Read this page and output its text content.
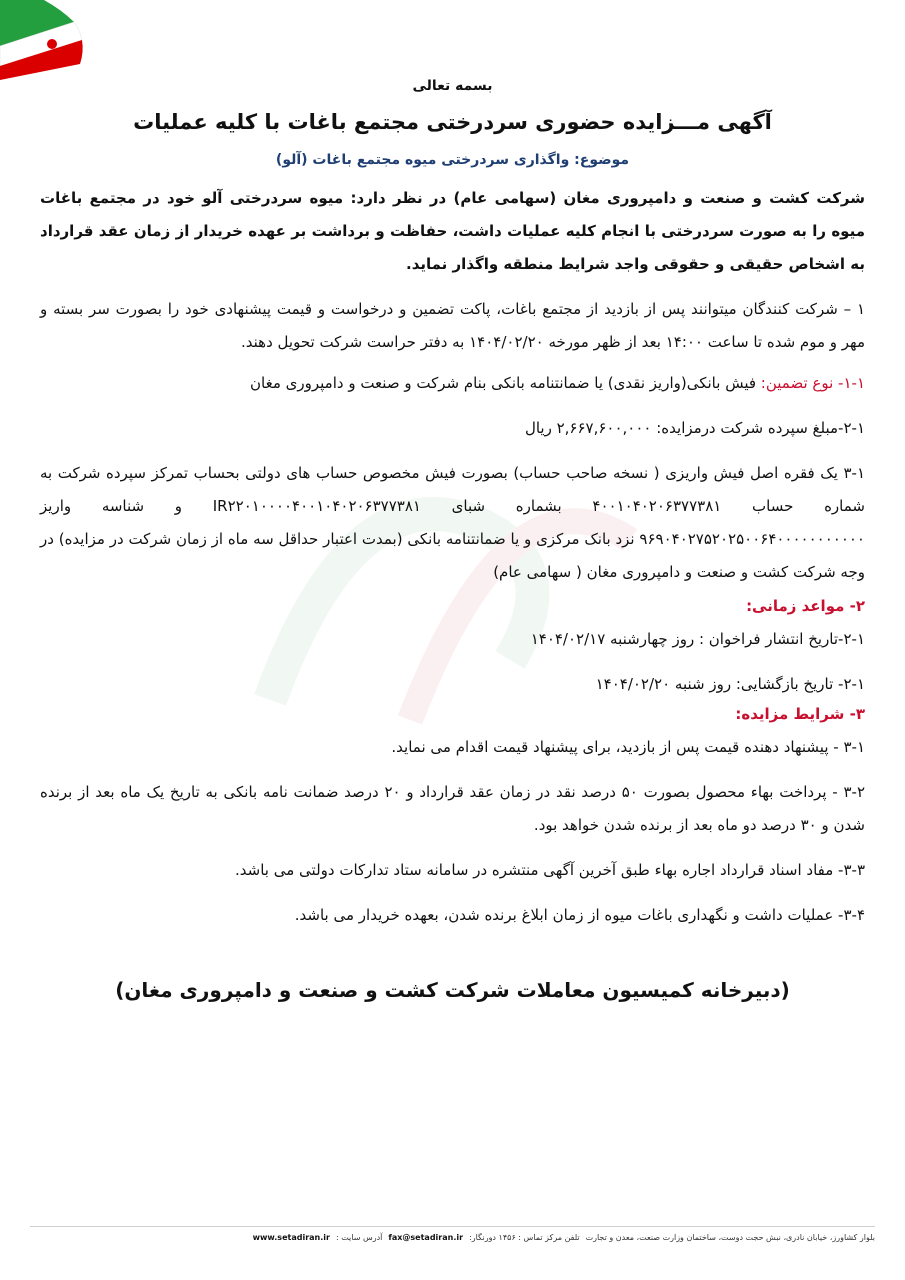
بسمه تعالی
آگهی مـــزایده حضوری سردرختی مجتمع باغات با کلیه عملیات
موضوع: واگذاری سردرختی میوه مجتمع باغات (آلو)
شرکت کشت و صنعت و دامپروری مغان (سهامی عام) در نظر دارد: میوه سردرختی آلو خود در مجتمع باغات میوه را به صورت سردرختی با انجام کلیه عملیات داشت، حفاظت و برداشت بر عهده خریدار از زمان عقد قرارداد به اشخاص حقیقی و حقوقی واجد شرایط منطقه واگذار نماید.
۱ – شرکت کنندگان میتوانند پس از بازدید از مجتمع باغات، پاکت تضمین و درخواست و قیمت پیشنهادی خود را بصورت سر بسته و مهر و موم شده تا ساعت ۱۴:۰۰ بعد از ظهر مورخه ۱۴۰۴/۰۲/۲۰ به دفتر حراست شرکت تحویل دهند.
۱-۱- نوع تضمین: فیش بانکی(واریز نقدی) یا ضمانتنامه بانکی بنام شرکت و صنعت و دامپروری مغان
۲-۱-مبلغ سپرده شرکت درمزایده: ۲,۶۶۷,۶۰۰,۰۰۰ ریال
۳-۱ یک فقره اصل فیش واریزی ( نسخه صاحب حساب) بصورت فیش مخصوص حساب های دولتی بحساب تمرکز سپرده شرکت به شماره حساب ۴۰۰۱۰۴۰۲۰۶۳۷۷۳۸۱ بشماره شبای IR۲۲۰۱۰۰۰۰۴۰۰۱۰۴۰۲۰۶۳۷۷۳۸۱ و شناسه واریز ۹۶۹۰۴۰۲۷۵۲۰۲۵۰۰۶۴۰۰۰۰۰۰۰۰۰۰۰ نزد بانک مرکزی و یا ضمانتنامه بانکی (بمدت اعتبار حداقل سه ماه از زمان شرکت در مزایده) در وجه شرکت کشت و صنعت و دامپروری مغان ( سهامی عام)
۲- مواعد زمانی:
۲-۱-تاریخ انتشار فراخوان : روز چهارشنبه ۱۴۰۴/۰۲/۱۷
۲-۱- تاریخ بازگشایی: روز شنبه ۱۴۰۴/۰۲/۲۰
۳- شرایط مزایده:
۳-۱ - پیشنهاد دهنده قیمت پس از بازدید، برای پیشنهاد قیمت اقدام می نماید.
۳-۲ - پرداخت بهاء محصول بصورت ۵۰ درصد نقد در زمان عقد قرارداد و ۲۰ درصد ضمانت نامه بانکی به تاریخ یک ماه بعد از برنده شدن و ۳۰ درصد دو ماه بعد از برنده شدن خواهد بود.
۳-۳- مفاد اسناد قرارداد اجاره بهاء طبق آخرین آگهی منتشره در سامانه ستاد تدارکات دولتی می باشد.
۳-۴- عملیات داشت و نگهداری باغات میوه از زمان ابلاغ برنده شدن، بعهده خریدار می باشد.
(دبیرخانه کمیسیون معاملات شرکت کشت و صنعت و دامپروری مغان)
بلوار کشاورز، خیابان نادری، نبش حجت دوست، ساختمان وزارت صنعت، معدن و تجارت
تلفن مرکز تماس : ۱۴۵۶ دورنگار:
fax@setadiran.ir
آدرس سایت :
www.setadiran.ir
